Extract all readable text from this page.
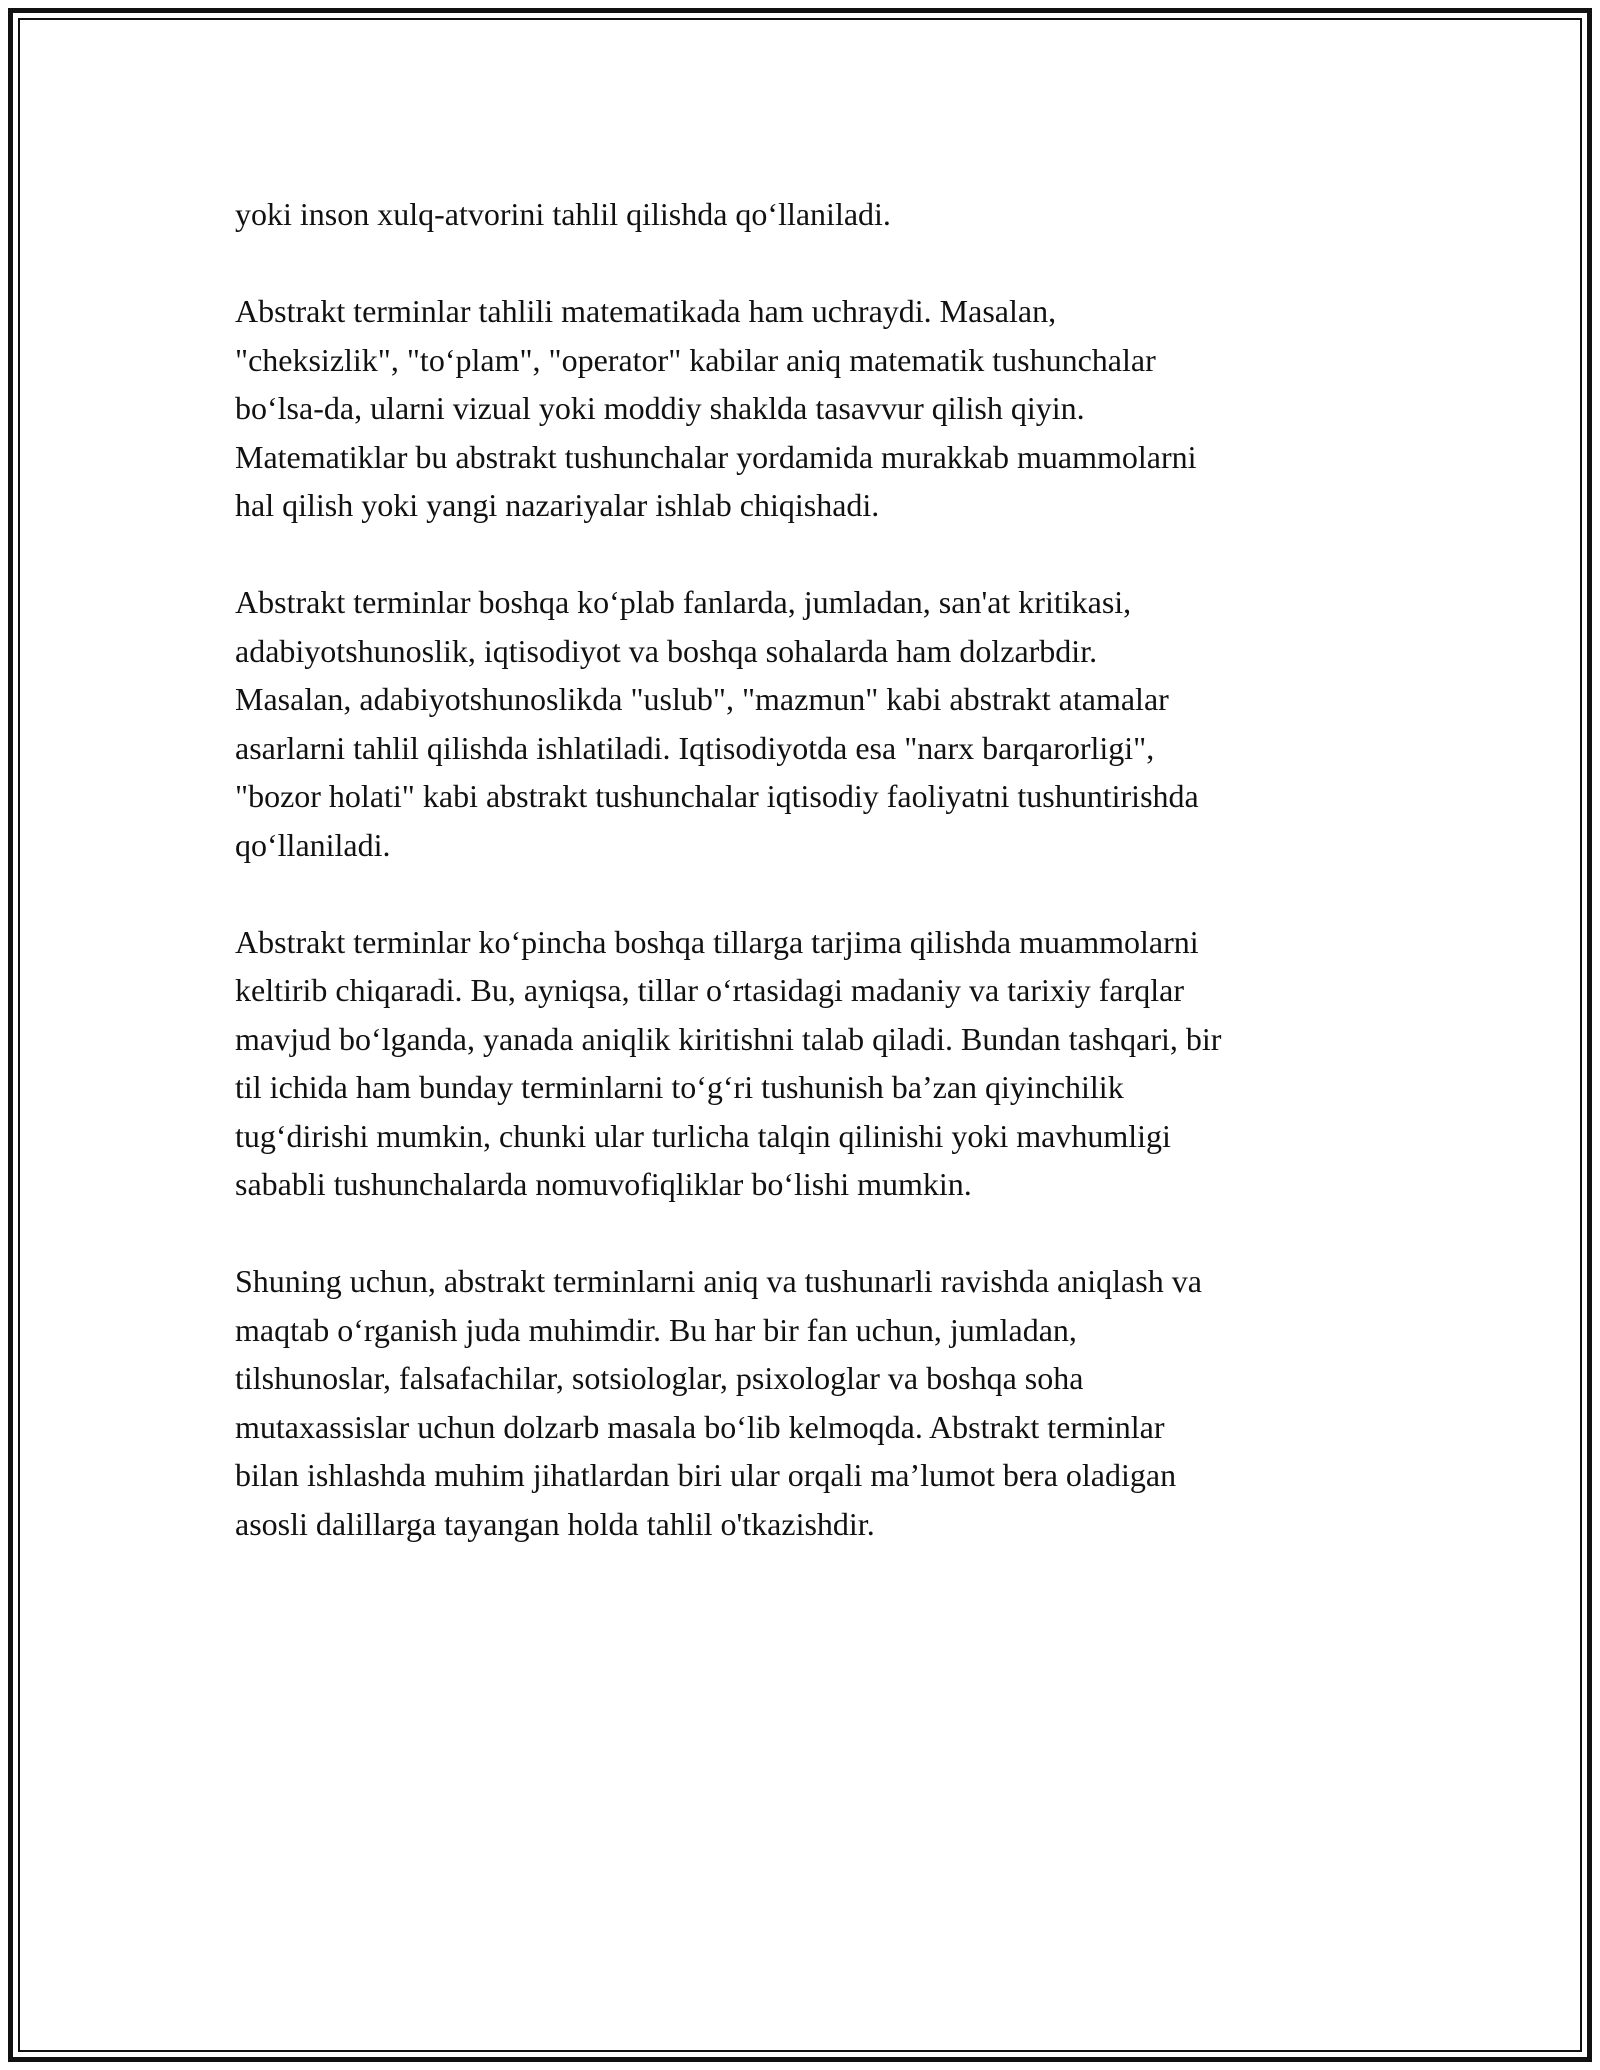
yoki inson xulq-atvorini tahlil qilishda qo‘llaniladi.
Abstrakt terminlar tahlili matematikada ham uchraydi. Masalan,
"cheksizlik", "to‘plam", "operator" kabilar aniq matematik tushunchalar
bo‘lsa-da, ularni vizual yoki moddiy shaklda tasavvur qilish qiyin.
Matematiklar bu abstrakt tushunchalar yordamida murakkab muammolarni
hal qilish yoki yangi nazariyalar ishlab chiqishadi.
Abstrakt terminlar boshqa ko‘plab fanlarda, jumladan, san'at kritikasi,
adabiyotshunoslik, iqtisodiyot va boshqa sohalarda ham dolzarbdir.
Masalan, adabiyotshunoslikda "uslub", "mazmun" kabi abstrakt atamalar
asarlarni tahlil qilishda ishlatiladi. Iqtisodiyotda esa "narx barqarorligi",
"bozor holati" kabi abstrakt tushunchalar iqtisodiy faoliyatni tushuntirishda
qo‘llaniladi.
Abstrakt terminlar ko‘pincha boshqa tillarga tarjima qilishda muammolarni
keltirib chiqaradi. Bu, ayniqsa, tillar o‘rtasidagi madaniy va tarixiy farqlar
mavjud bo‘lganda, yanada aniqlik kiritishni talab qiladi. Bundan tashqari, bir
til ichida ham bunday terminlarni to‘g‘ri tushunish ba’zan qiyinchilik
tug‘dirishi mumkin, chunki ular turlicha talqin qilinishi yoki mavhumligi
sababli tushunchalarda nomuvofiqliklar bo‘lishi mumkin.
Shuning uchun, abstrakt terminlarni aniq va tushunarli ravishda aniqlash va
maqtab o‘rganish juda muhimdir. Bu har bir fan uchun, jumladan,
tilshunoslar, falsafachilar, sotsiologlar, psixologlar va boshqa soha
mutaxassislar uchun dolzarb masala bo‘lib kelmoqda. Abstrakt terminlar
bilan ishlashda muhim jihatlardan biri ular orqali ma’lumot bera oladigan
asosli dalillarga tayangan holda tahlil o'tkazishdir.
